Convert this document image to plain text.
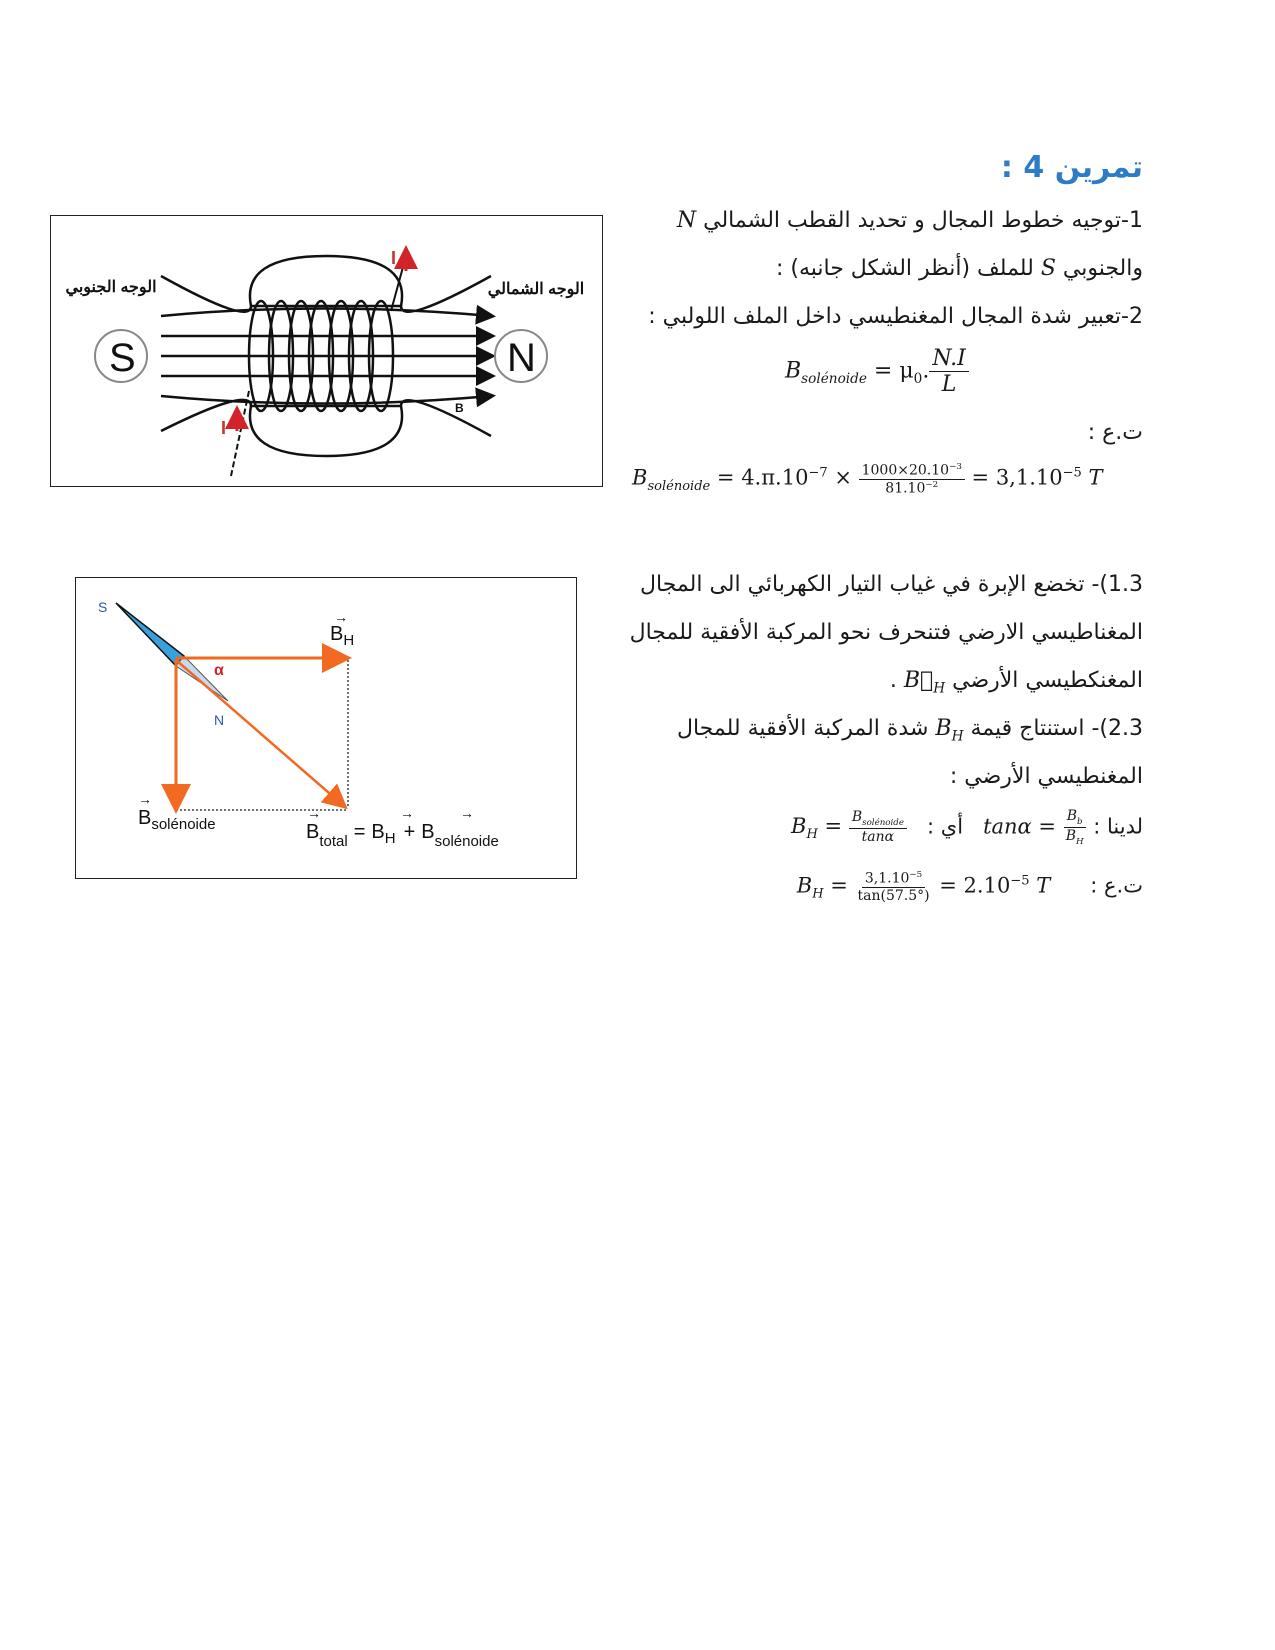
تمرين 4 :
1-توجيه خطوط المجال و تحديد القطب الشمالي N
والجنوبي S للملف (أنظر الشكل جانبه) :
2-تعبير شدة المجال المغنطيسي داخل الملف اللولبي :
$B_{solénoide} = \mu_0$. $\frac{N.I}{L}$
ت.ع :
$B_{solénoide} = 4.\pi.10^{-7} \times \frac{1000\times 20.10^{-3}}{81.10^{-2}} = 3,1.10^{-5}$ T
1.3)- تخضع الإبرة في غياب التيار الكهربائي الى المجال
المغناطيسي الارضي فتنحرف نحو المركبة الأفقية للمجال
المغنكطيسي الأرضي $B⃗_H$ .
2.3)- استنتاج قيمة $B_H$ شدة المركبة الأفقية للمجال
المغنطيسي الأرضي :
لدينا : $\tan\alpha = \frac{B_b}{B_H}$
أي :   $B_H = \frac{B_{solénoide}}{\tan\alpha}$
ت.ع :      $B_H = \frac{3,1.10^{-5}}{\tan(57.5^\circ)} = 2.10^{-5}$ T
I
I
B
S
الوجه الجنوبي
N
الوجه الشمالي
S
N
α
$B_H$
→
$B_{solénoide}$
→
$B_{total} = B_H + B_{solénoide}$
→	→	→
